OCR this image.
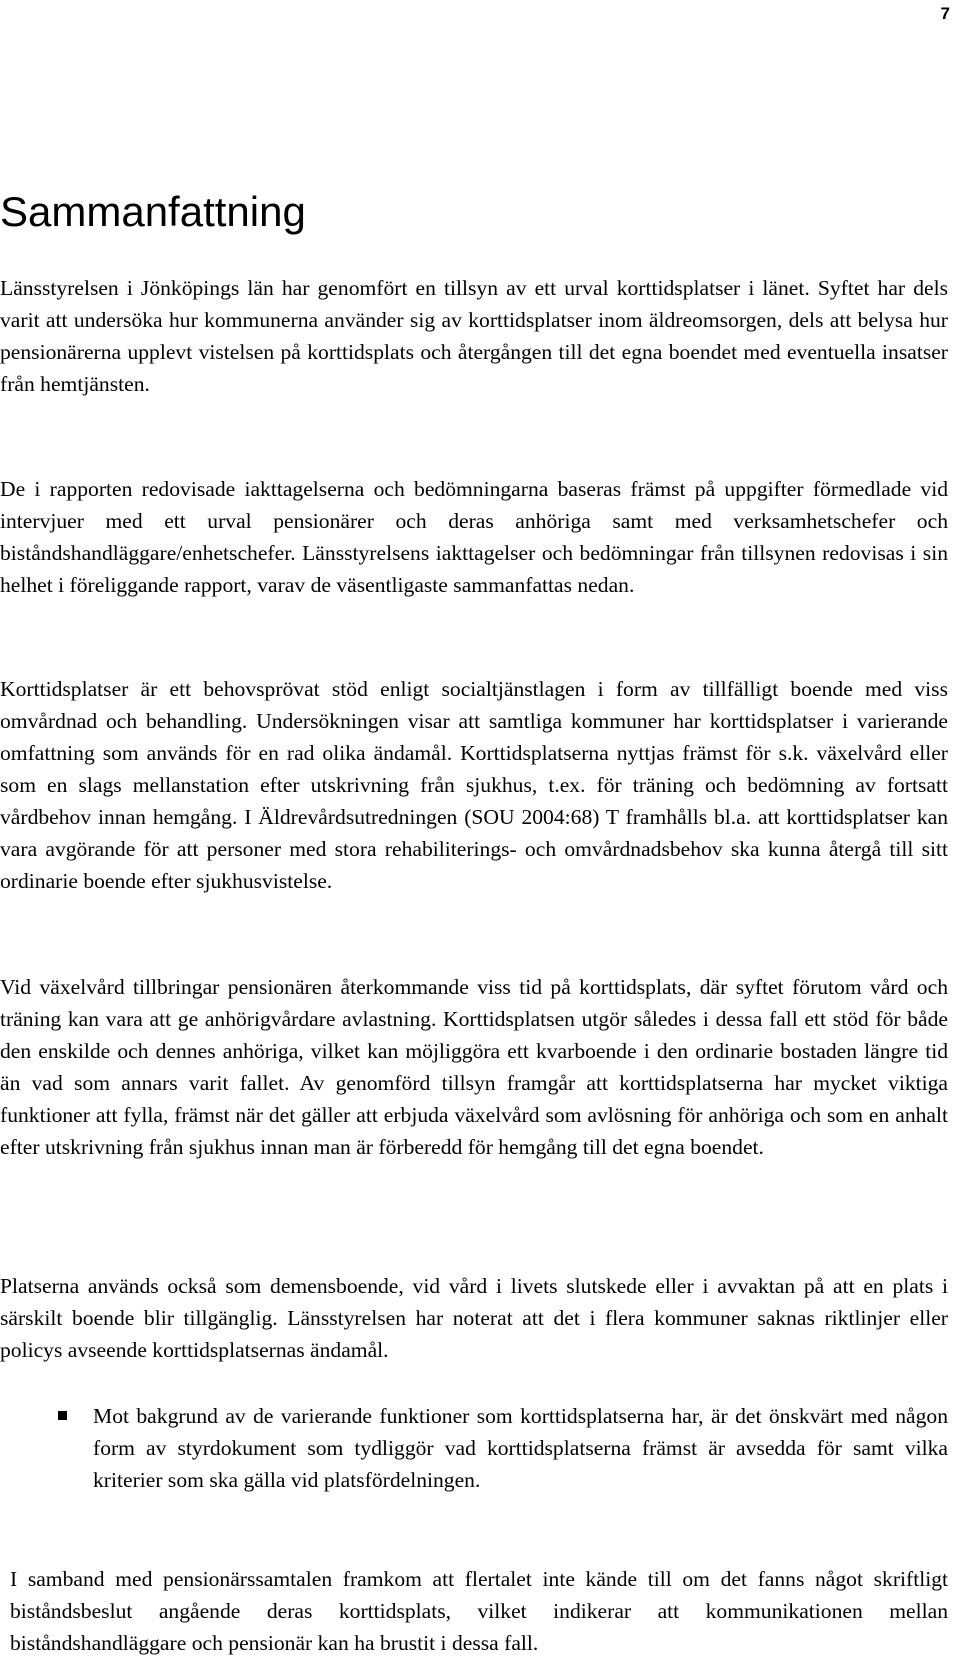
7
Sammanfattning

Länsstyrelsen i Jönköpings län har genomfört en tillsyn av ett urval korttidsplatser i länet. Syftet har dels varit att undersöka hur kommunerna använder sig av korttidsplatser inom äldreomsorgen, dels att belysa hur pensionärerna upplevt vistelsen på korttidsplats och återgången till det egna boendet med eventuella insatser från hemtjänsten.

De i rapporten redovisade iakttagelserna och bedömningarna baseras främst på uppgifter förmedlade vid intervjuer med ett urval pensionärer och deras anhöriga samt med verksamhetschefer och biståndshandläggare/enhetschefer. Länsstyrelsens iakttagelser och bedömningar från tillsynen redovisas i sin helhet i föreliggande rapport, varav de väsentligaste sammanfattas nedan.

Korttidsplatser är ett behovsprövat stöd enligt socialtjänstlagen i form av tillfälligt boende med viss omvårdnad och behandling. Undersökningen visar att samtliga kommuner har korttidsplatser i varierande omfattning som används för en rad olika ändamål. Korttidsplatserna nyttjas främst för s.k. växelvård eller som en slags mellanstation efter utskrivning från sjukhus, t.ex. för träning och bedömning av fortsatt vårdbehov innan hemgång. I Äldrevårdsutredningen (SOU 2004:68) T framhålls bl.a. att korttidsplatser kan vara avgörande för att personer med stora rehabiliterings- och omvårdnadsbehov ska kunna återgå till sitt ordinarie boende efter sjukhusvistelse.

Vid växelvård tillbringar pensionären återkommande viss tid på korttidsplats, där syftet förutom vård och träning kan vara att ge anhörigvårdare avlastning. Korttidsplatsen utgör således i dessa fall ett stöd för både den enskilde och dennes anhöriga, vilket kan möjliggöra ett kvarboende i den ordinarie bostaden längre tid än vad som annars varit fallet. Av genomförd tillsyn framgår att korttidsplatserna har mycket viktiga funktioner att fylla, främst när det gäller att erbjuda växelvård som avlösning för anhöriga och som en anhalt efter utskrivning från sjukhus innan man är förberedd för hemgång till det egna boendet.

Platserna används också som demensboende, vid vård i livets slutskede eller i avvaktan på att en plats i särskilt boende blir tillgänglig. Länsstyrelsen har noterat att det i flera kommuner saknas riktlinjer eller policys avseende korttidsplatsernas ändamål.

Mot bakgrund av de varierande funktioner som korttidsplatserna har, är det önskvärt med någon form av styrdokument som tydliggör vad korttidsplatserna främst är avsedda för samt vilka kriterier som ska gälla vid platsfördelningen.

I samband med pensionärssamtalen framkom att flertalet inte kände till om det fanns något skriftligt biståndsbeslut angående deras korttidsplats, vilket indikerar att kommunikationen mellan biståndshandläggare och pensionär kan ha brustit i dessa fall.
